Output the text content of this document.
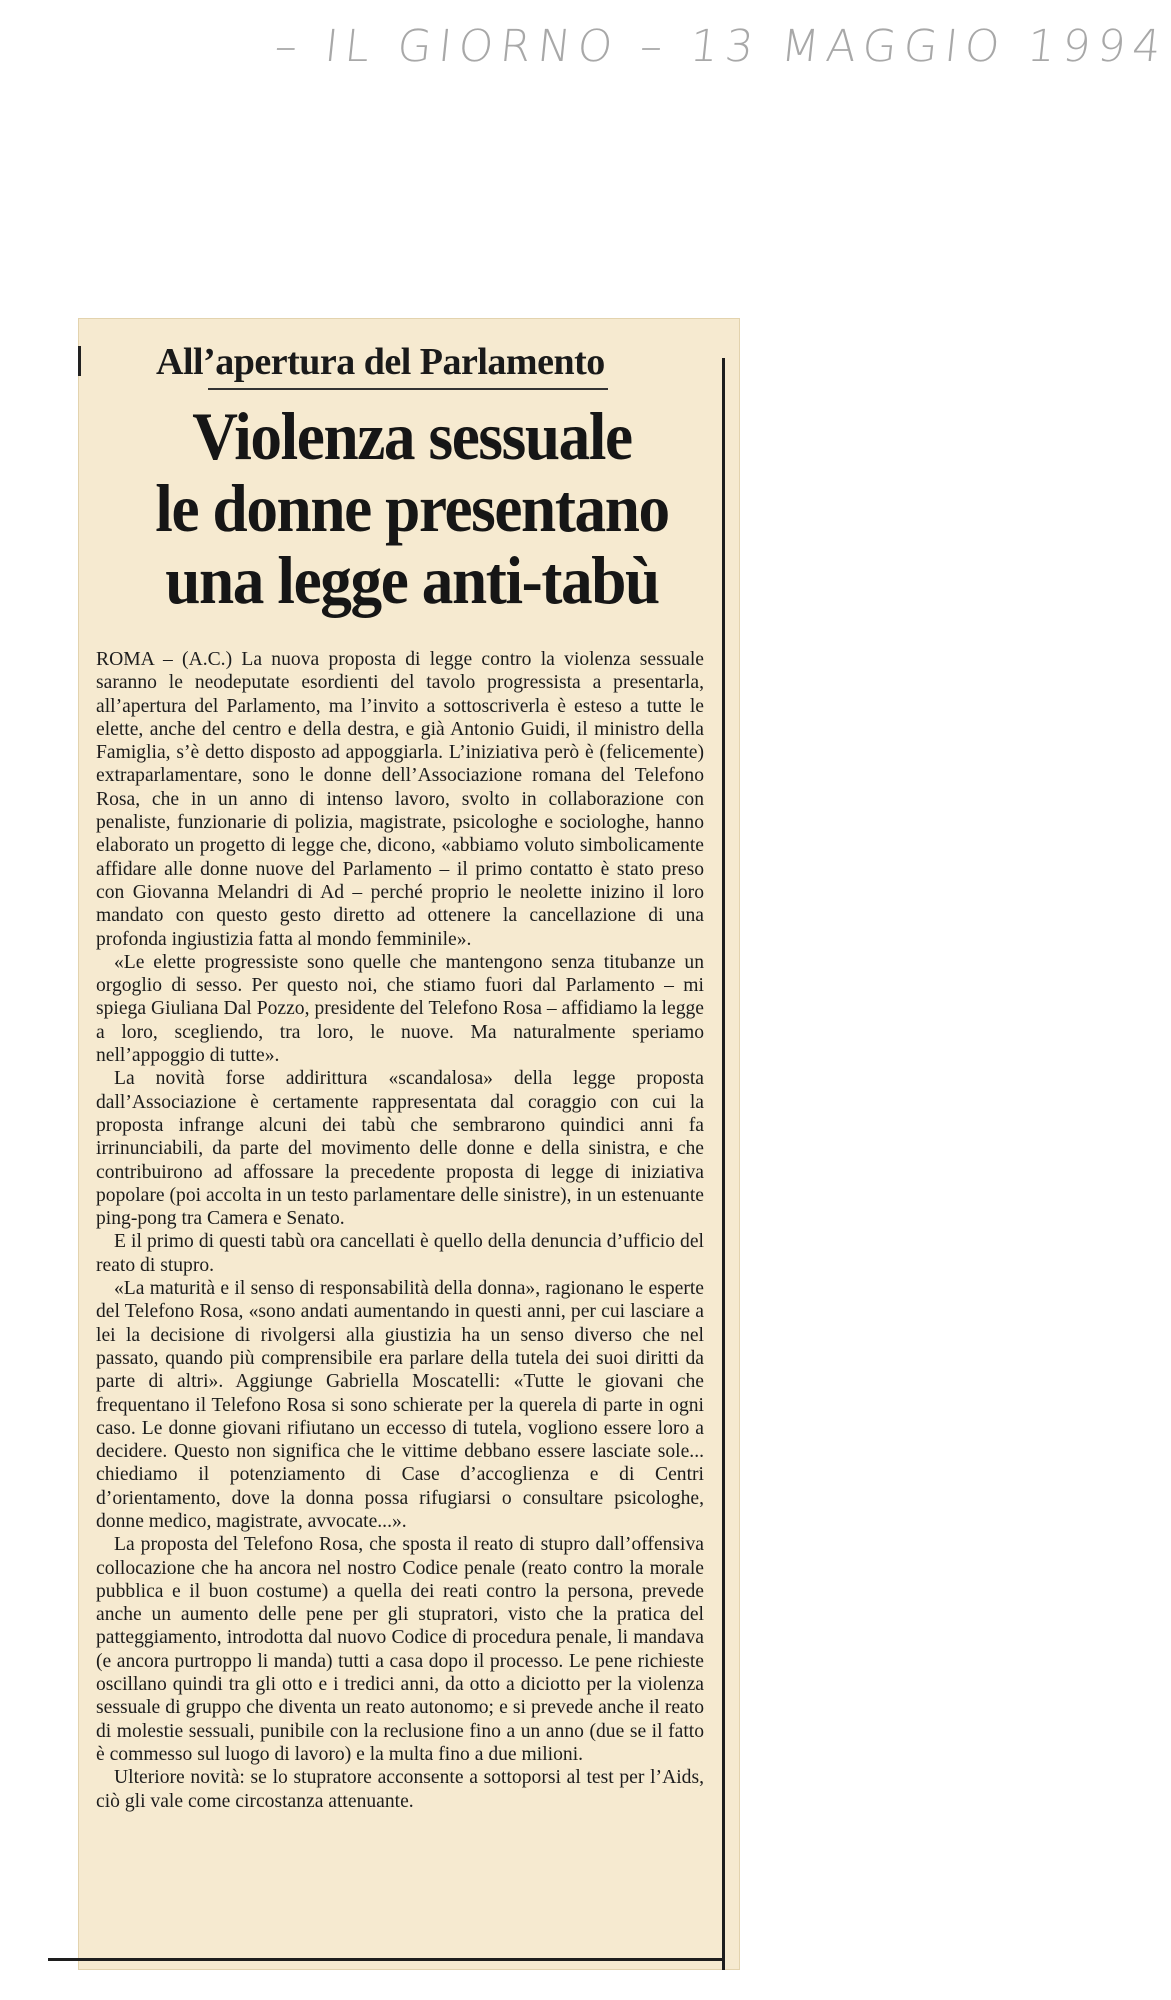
– IL GIORNO – 13 MAGGIO 1994
All’apertura del Parlamento
Violenza sessuale
le donne presentano
una legge anti-tabù

ROMA – (A.C.) La nuova proposta di legge contro la violenza sessuale saranno le neodeputate esordienti del tavolo progressista a presentarla, all’apertura del Parlamento, ma l’invito a sottoscriverla è esteso a tutte le elette, anche del centro e della destra, e già Antonio Guidi, il ministro della Famiglia, s’è detto disposto ad appoggiarla. L’iniziativa però è (felicemente) extraparlamentare, sono le donne dell’Associazione romana del Telefono Rosa, che in un anno di intenso lavoro, svolto in collaborazione con penaliste, funzionarie di polizia, magistrate, psicologhe e sociologhe, hanno elaborato un progetto di legge che, dicono, «abbiamo voluto simbolicamente affidare alle donne nuove del Parlamento – il primo contatto è stato preso con Giovanna Melandri di Ad – perché proprio le neolette inizino il loro mandato con questo gesto diretto ad ottenere la cancellazione di una profonda ingiustizia fatta al mondo femminile».

«Le elette progressiste sono quelle che mantengono senza titubanze un orgoglio di sesso. Per questo noi, che stiamo fuori dal Parlamento – mi spiega Giuliana Dal Pozzo, presidente del Telefono Rosa – affidiamo la legge a loro, scegliendo, tra loro, le nuove. Ma naturalmente speriamo nell’appoggio di tutte».

La novità forse addirittura «scandalosa» della legge proposta dall’Associazione è certamente rappresentata dal coraggio con cui la proposta infrange alcuni dei tabù che sembrarono quindici anni fa irrinunciabili, da parte del movimento delle donne e della sinistra, e che contribuirono ad affossare la precedente proposta di legge di iniziativa popolare (poi accolta in un testo parlamentare delle sinistre), in un estenuante ping-pong tra Camera e Senato.

E il primo di questi tabù ora cancellati è quello della denuncia d’ufficio del reato di stupro.

«La maturità e il senso di responsabilità della donna», ragionano le esperte del Telefono Rosa, «sono andati aumentando in questi anni, per cui lasciare a lei la decisione di rivolgersi alla giustizia ha un senso diverso che nel passato, quando più comprensibile era parlare della tutela dei suoi diritti da parte di altri». Aggiunge Gabriella Moscatelli: «Tutte le giovani che frequentano il Telefono Rosa si sono schierate per la querela di parte in ogni caso. Le donne giovani rifiutano un eccesso di tutela, vogliono essere loro a decidere. Questo non significa che le vittime debbano essere lasciate sole... chiediamo il potenziamento di Case d’accoglienza e di Centri d’orientamento, dove la donna possa rifugiarsi o consultare psicologhe, donne medico, magistrate, avvocate...».

La proposta del Telefono Rosa, che sposta il reato di stupro dall’offensiva collocazione che ha ancora nel nostro Codice penale (reato contro la morale pubblica e il buon costume) a quella dei reati contro la persona, prevede anche un aumento delle pene per gli stupratori, visto che la pratica del patteggiamento, introdotta dal nuovo Codice di procedura penale, li mandava (e ancora purtroppo li manda) tutti a casa dopo il processo. Le pene richieste oscillano quindi tra gli otto e i tredici anni, da otto a diciotto per la violenza sessuale di gruppo che diventa un reato autonomo; e si prevede anche il reato di molestie sessuali, punibile con la reclusione fino a un anno (due se il fatto è commesso sul luogo di lavoro) e la multa fino a due milioni.

Ulteriore novità: se lo stupratore acconsente a sottoporsi al test per l’Aids, ciò gli vale come circostanza attenuante.
